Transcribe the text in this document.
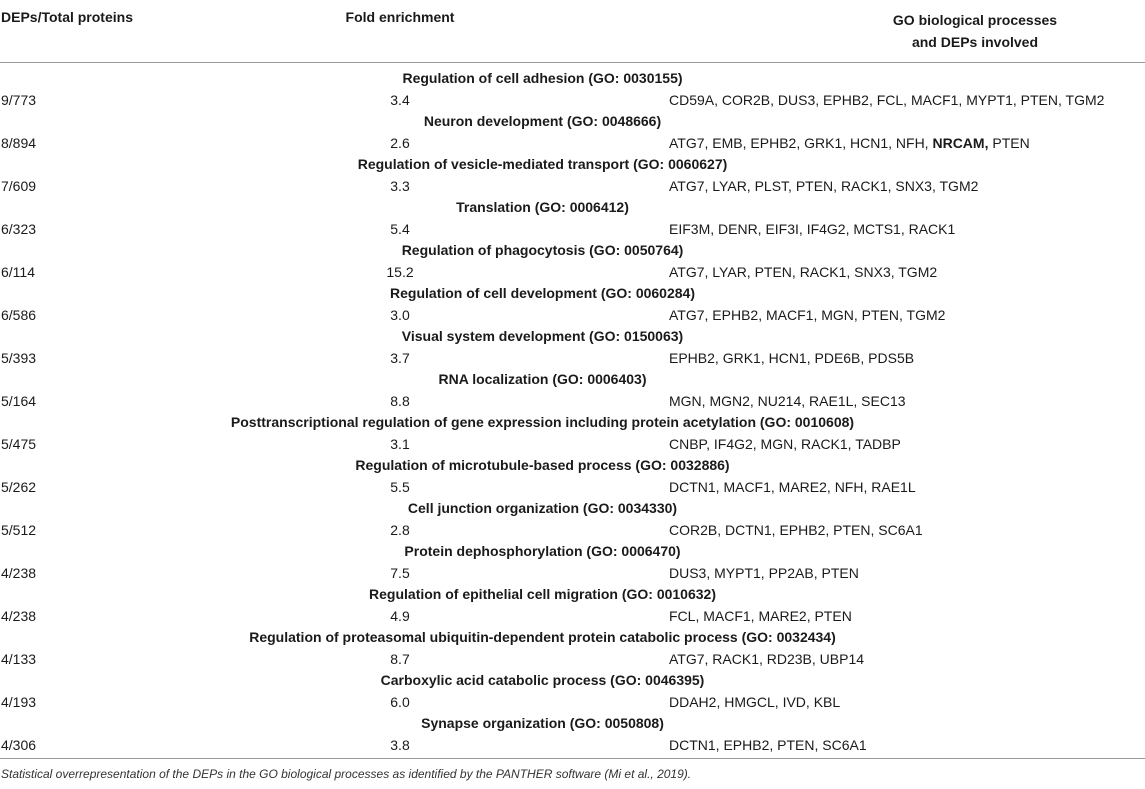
DEPs/Total proteins	Fold enrichment	GO biological processes
and DEPs involved
Regulation of cell adhesion (GO: 0030155)
9/773	3.4	CD59A, COR2B, DUS3, EPHB2, FCL, MACF1, MYPT1, PTEN, TGM2
Neuron development (GO: 0048666)
8/894	2.6	ATG7, EMB, EPHB2, GRK1, HCN1, NFH, NRCAM, PTEN
Regulation of vesicle-mediated transport (GO: 0060627)
7/609	3.3	ATG7, LYAR, PLST, PTEN, RACK1, SNX3, TGM2
Translation (GO: 0006412)
6/323	5.4	EIF3M, DENR, EIF3I, IF4G2, MCTS1, RACK1
Regulation of phagocytosis (GO: 0050764)
6/114	15.2	ATG7, LYAR, PTEN, RACK1, SNX3, TGM2
Regulation of cell development (GO: 0060284)
6/586	3.0	ATG7, EPHB2, MACF1, MGN, PTEN, TGM2
Visual system development (GO: 0150063)
5/393	3.7	EPHB2, GRK1, HCN1, PDE6B, PDS5B
RNA localization (GO: 0006403)
5/164	8.8	MGN, MGN2, NU214, RAE1L, SEC13
Posttranscriptional regulation of gene expression including protein acetylation (GO: 0010608)
5/475	3.1	CNBP, IF4G2, MGN, RACK1, TADBP
Regulation of microtubule-based process (GO: 0032886)
5/262	5.5	DCTN1, MACF1, MARE2, NFH, RAE1L
Cell junction organization (GO: 0034330)
5/512	2.8	COR2B, DCTN1, EPHB2, PTEN, SC6A1
Protein dephosphorylation (GO: 0006470)
4/238	7.5	DUS3, MYPT1, PP2AB, PTEN
Regulation of epithelial cell migration (GO: 0010632)
4/238	4.9	FCL, MACF1, MARE2, PTEN
Regulation of proteasomal ubiquitin-dependent protein catabolic process (GO: 0032434)
4/133	8.7	ATG7, RACK1, RD23B, UBP14
Carboxylic acid catabolic process (GO: 0046395)
4/193	6.0	DDAH2, HMGCL, IVD, KBL
Synapse organization (GO: 0050808)
4/306	3.8	DCTN1, EPHB2, PTEN, SC6A1
Statistical overrepresentation of the DEPs in the GO biological processes as identified by the PANTHER software (Mi et al., 2019).
